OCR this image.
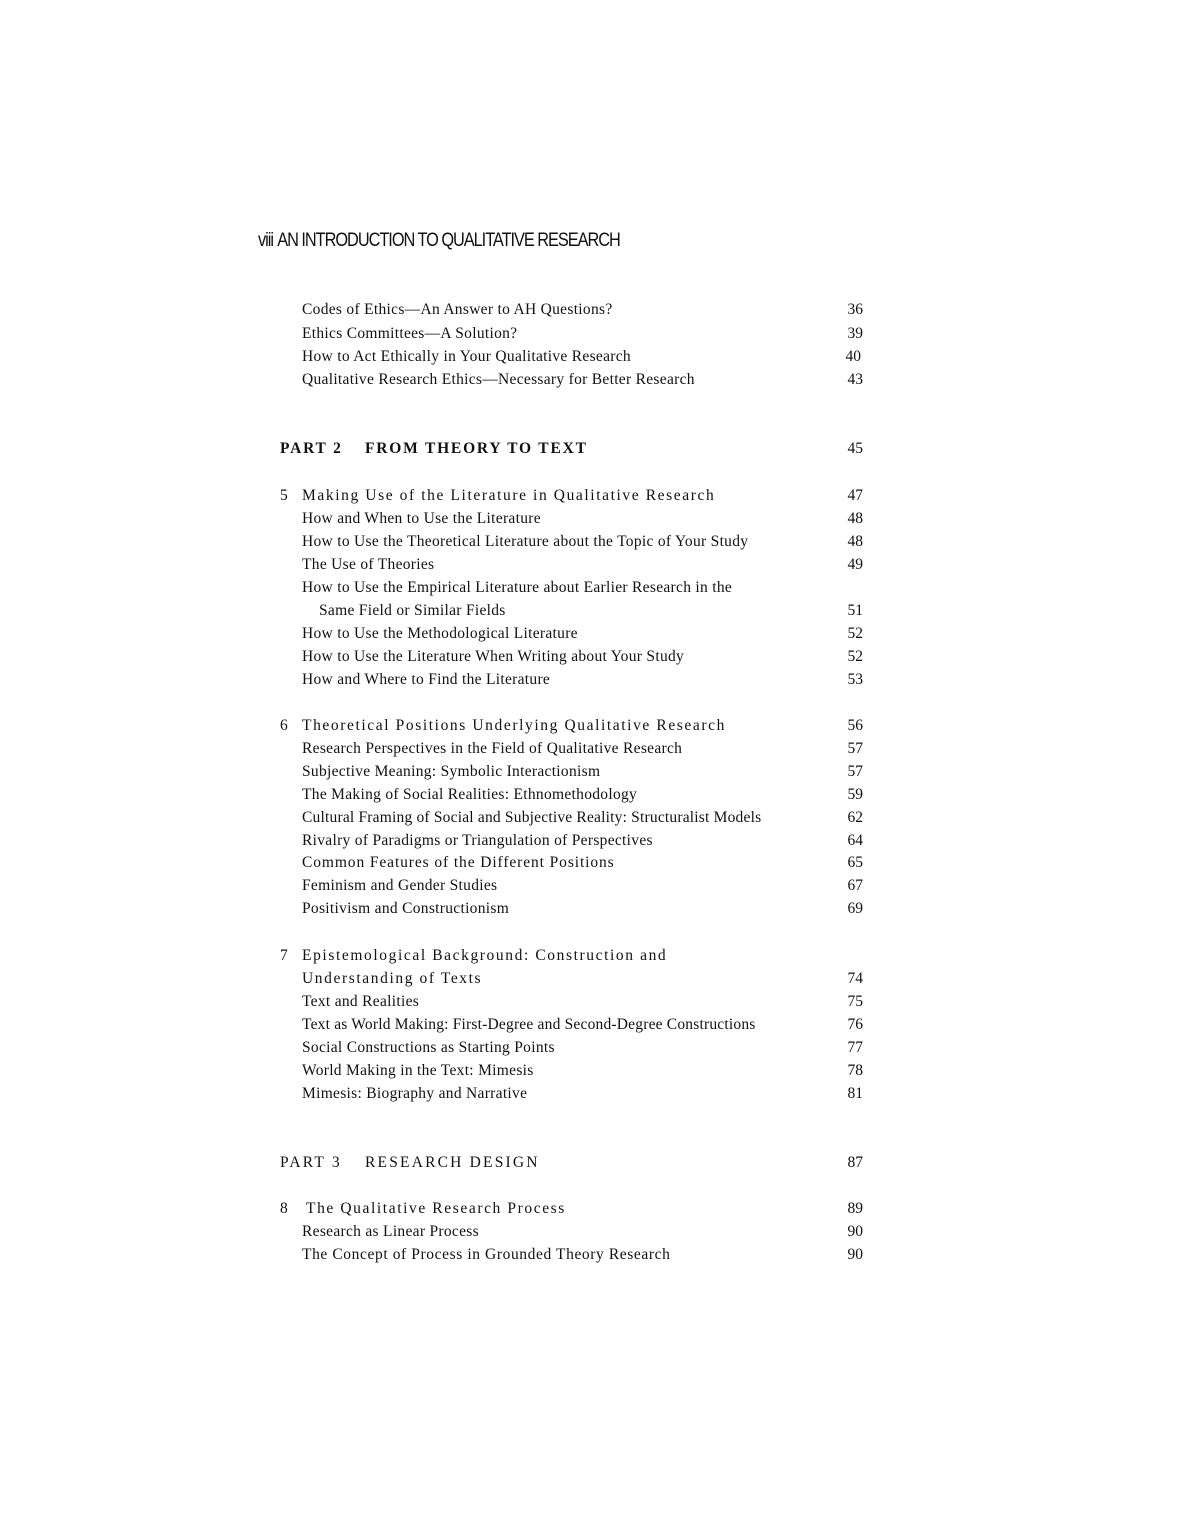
viii AN INTRODUCTION TO QUALITATIVE RESEARCH
Codes of Ethics—An Answer to AH Questions?	36
Ethics Committees—A Solution?	39
How to Act Ethically in Your Qualitative Research	40
Qualitative Research Ethics—Necessary for Better Research	43
PART 2 FROM THEORY TO TEXT	45
5 Making Use of the Literature in Qualitative Research	47
How and When to Use the Literature	48
How to Use the Theoretical Literature about the Topic of Your Study	48
The Use of Theories	49
How to Use the Empirical Literature about Earlier Research in the
Same Field or Similar Fields	51
How to Use the Methodological Literature	52
How to Use the Literature When Writing about Your Study	52
How and Where to Find the Literature	53
6 Theoretical Positions Underlying Qualitative Research	56
Research Perspectives in the Field of Qualitative Research	57
Subjective Meaning: Symbolic Interactionism	57
The Making of Social Realities: Ethnomethodology	59
Cultural Framing of Social and Subjective Reality: Structuralist Models	62
Rivalry of Paradigms or Triangulation of Perspectives	64
Common Features of the Different Positions	65
Feminism and Gender Studies	67
Positivism and Constructionism	69
7 Epistemological Background: Construction and
Understanding of Texts	74
Text and Realities	75
Text as World Making: First-Degree and Second-Degree Constructions	76
Social Constructions as Starting Points	77
World Making in the Text: Mimesis	78
Mimesis: Biography and Narrative	81
PART 3 RESEARCH DESIGN	87
8 The Qualitative Research Process	89
Research as Linear Process	90
The Concept of Process in Grounded Theory Research	90
